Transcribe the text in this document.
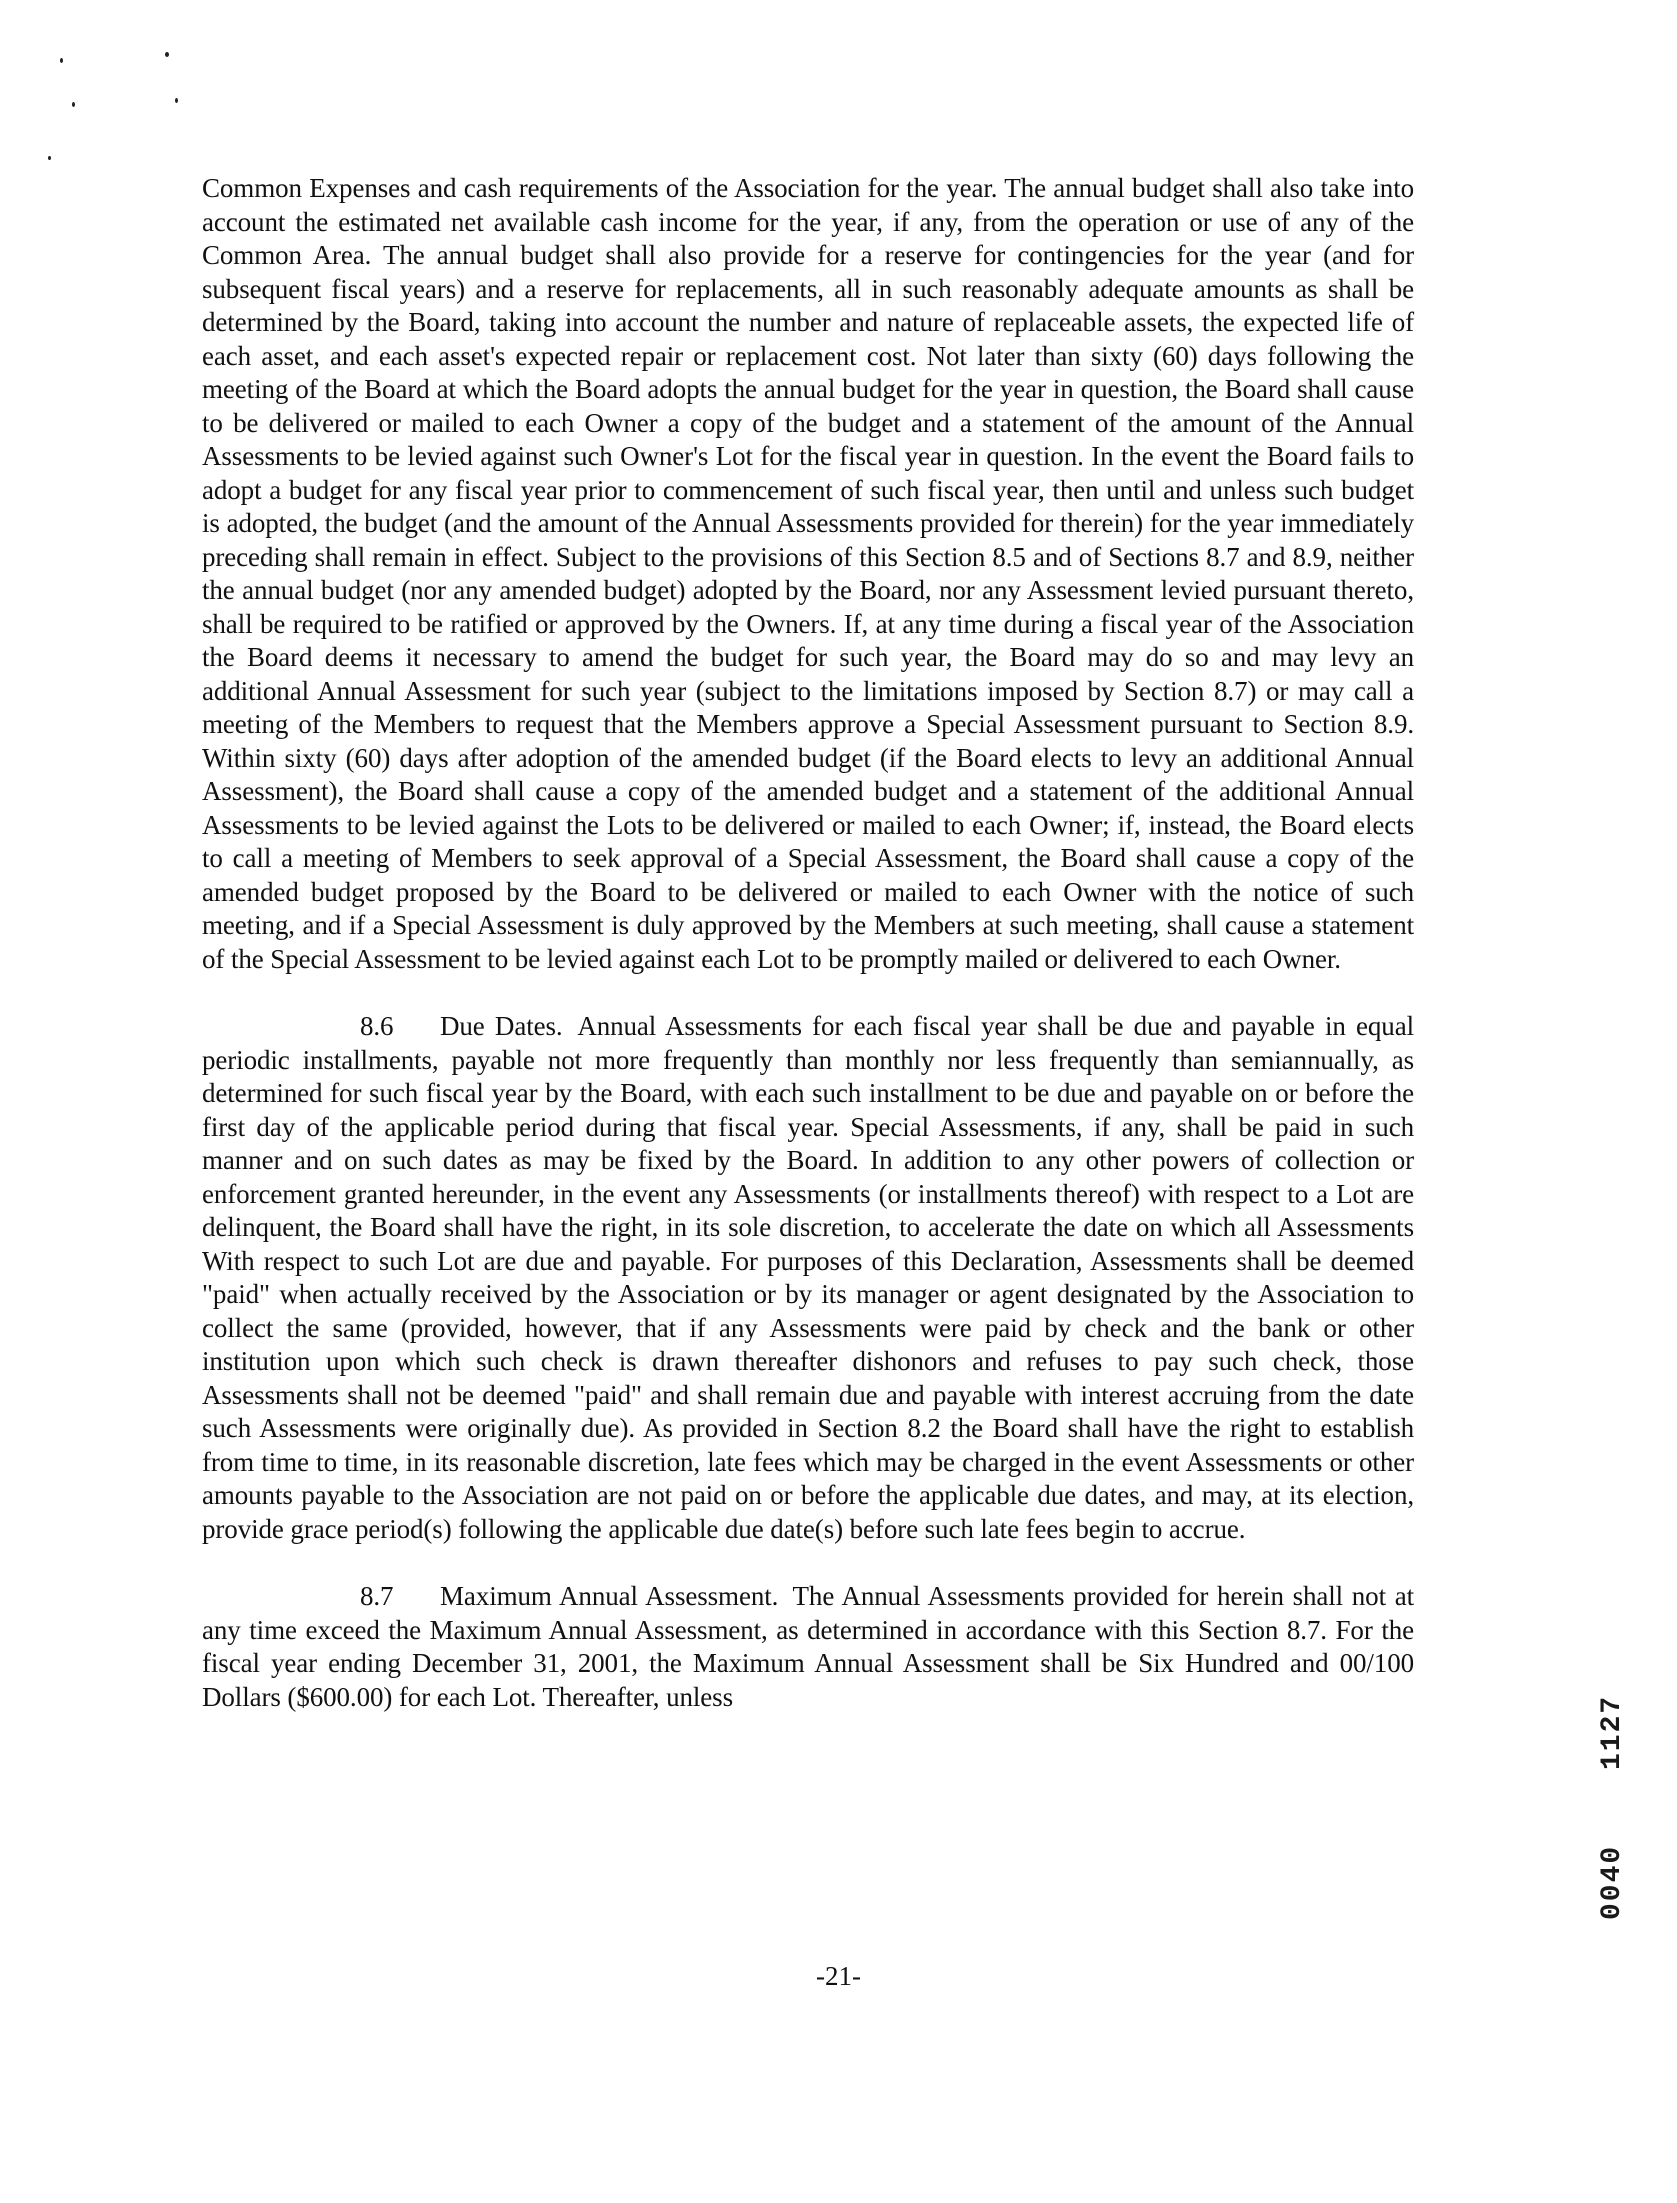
Common Expenses and cash requirements of the Association for the year. The annual budget shall also take into account the estimated net available cash income for the year, if any, from the operation or use of any of the Common Area. The annual budget shall also provide for a reserve for contingencies for the year (and for subsequent fiscal years) and a reserve for replacements, all in such reasonably adequate amounts as shall be determined by the Board, taking into account the number and nature of replaceable assets, the expected life of each asset, and each asset's expected repair or replacement cost. Not later than sixty (60) days following the meeting of the Board at which the Board adopts the annual budget for the year in question, the Board shall cause to be delivered or mailed to each Owner a copy of the budget and a statement of the amount of the Annual Assessments to be levied against such Owner's Lot for the fiscal year in question. In the event the Board fails to adopt a budget for any fiscal year prior to commencement of such fiscal year, then until and unless such budget is adopted, the budget (and the amount of the Annual Assessments provided for therein) for the year immediately preceding shall remain in effect. Subject to the provisions of this Section 8.5 and of Sections 8.7 and 8.9, neither the annual budget (nor any amended budget) adopted by the Board, nor any Assessment levied pursuant thereto, shall be required to be ratified or approved by the Owners. If, at any time during a fiscal year of the Association the Board deems it necessary to amend the budget for such year, the Board may do so and may levy an additional Annual Assessment for such year (subject to the limitations imposed by Section 8.7) or may call a meeting of the Members to request that the Members approve a Special Assessment pursuant to Section 8.9. Within sixty (60) days after adoption of the amended budget (if the Board elects to levy an additional Annual Assessment), the Board shall cause a copy of the amended budget and a statement of the additional Annual Assessments to be levied against the Lots to be delivered or mailed to each Owner; if, instead, the Board elects to call a meeting of Members to seek approval of a Special Assessment, the Board shall cause a copy of the amended budget proposed by the Board to be delivered or mailed to each Owner with the notice of such meeting, and if a Special Assessment is duly approved by the Members at such meeting, shall cause a statement of the Special Assessment to be levied against each Lot to be promptly mailed or delivered to each Owner.

8.6 Due Dates. Annual Assessments for each fiscal year shall be due and payable in equal periodic installments, payable not more frequently than monthly nor less frequently than semiannually, as determined for such fiscal year by the Board, with each such installment to be due and payable on or before the first day of the applicable period during that fiscal year. Special Assessments, if any, shall be paid in such manner and on such dates as may be fixed by the Board. In addition to any other powers of collection or enforcement granted hereunder, in the event any Assessments (or installments thereof) with respect to a Lot are delinquent, the Board shall have the right, in its sole discretion, to accelerate the date on which all Assessments With respect to such Lot are due and payable. For purposes of this Declaration, Assessments shall be deemed "paid" when actually received by the Association or by its manager or agent designated by the Association to collect the same (provided, however, that if any Assessments were paid by check and the bank or other institution upon which such check is drawn thereafter dishonors and refuses to pay such check, those Assessments shall not be deemed "paid" and shall remain due and payable with interest accruing from the date such Assessments were originally due). As provided in Section 8.2 the Board shall have the right to establish from time to time, in its reasonable discretion, late fees which may be charged in the event Assessments or other amounts payable to the Association are not paid on or before the applicable due dates, and may, at its election, provide grace period(s) following the applicable due date(s) before such late fees begin to accrue.

8.7 Maximum Annual Assessment. The Annual Assessments provided for herein shall not at any time exceed the Maximum Annual Assessment, as determined in accordance with this Section 8.7. For the fiscal year ending December 31, 2001, the Maximum Annual Assessment shall be Six Hundred and 00/100 Dollars ($600.00) for each Lot. Thereafter, unless

-21-
1127
0040
